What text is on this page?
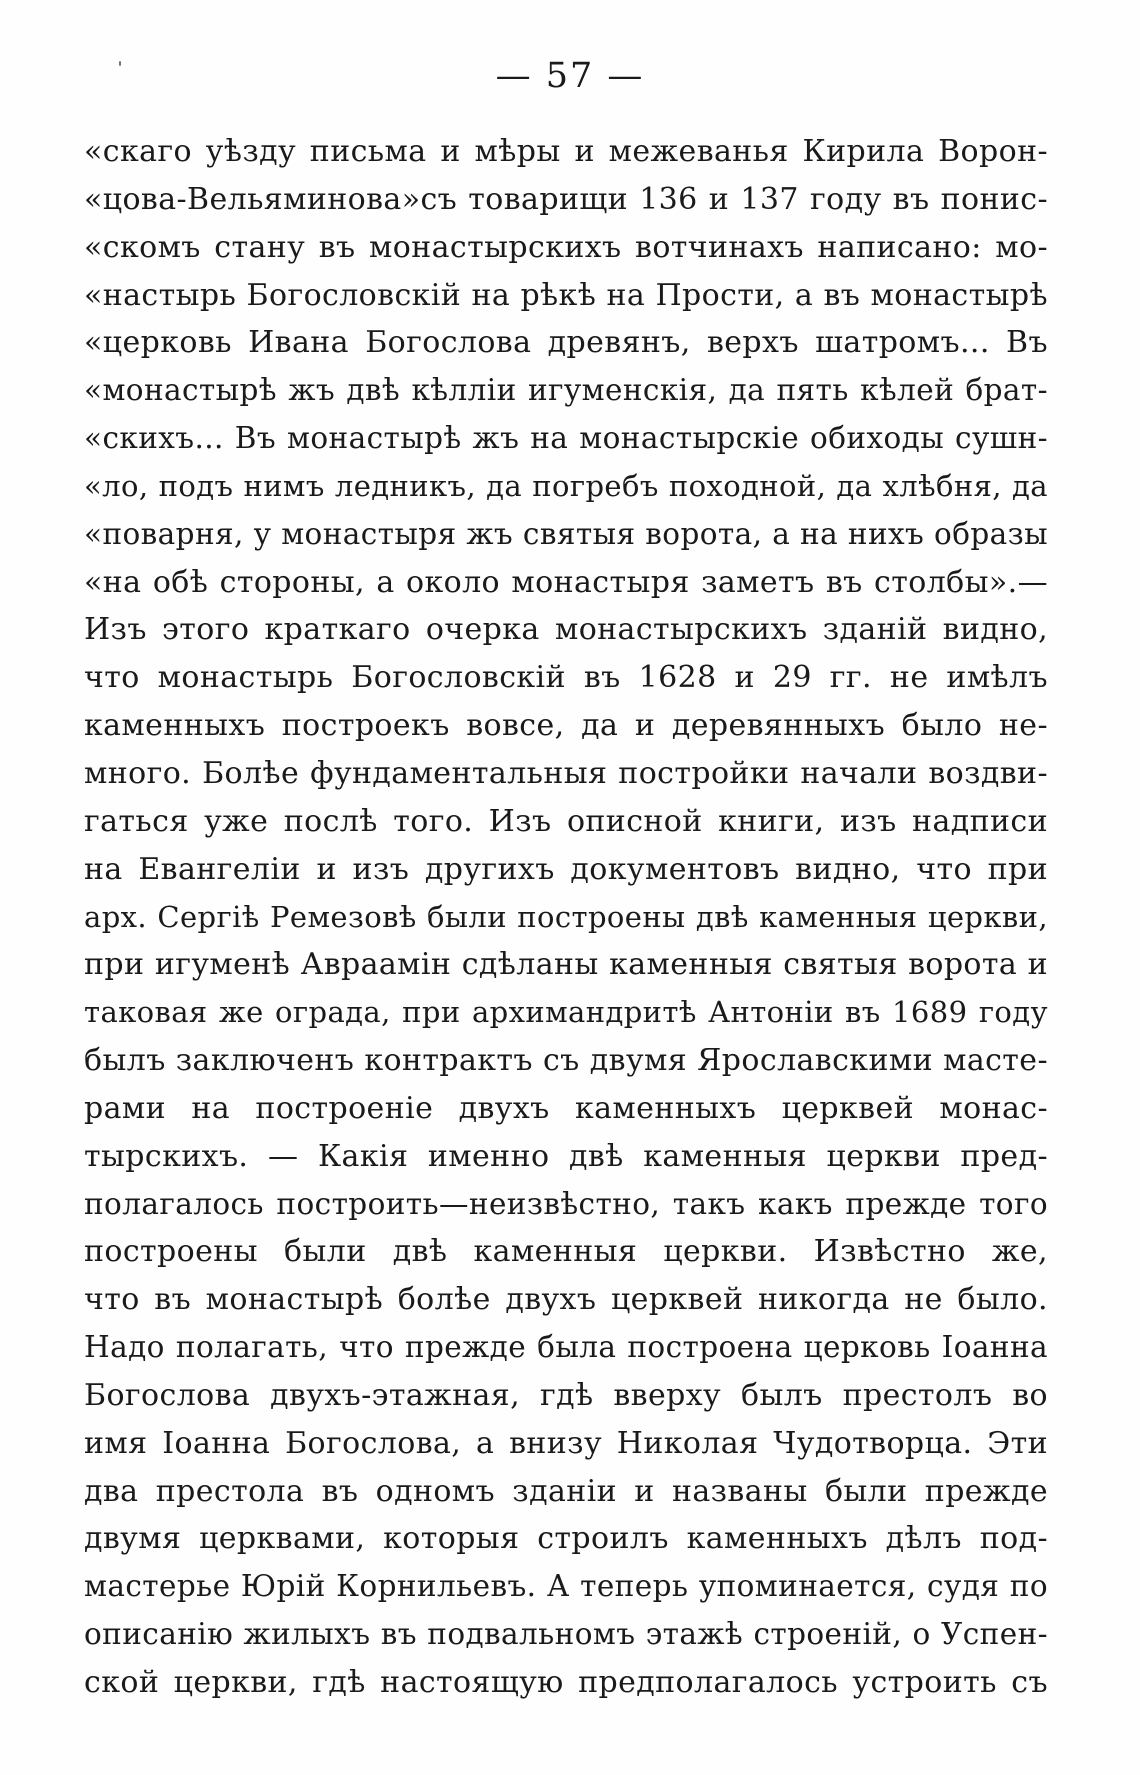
— 57 —
«скаго уѣзду письма и мѣры и межеванья Кирила Ворон-
«цова-Вельяминова»съ товарищи 136 и 137 году въ понис-
«скомъ стану въ монастырскихъ вотчинахъ написано: мо-
«настырь Богословскій на рѣкѣ на Прости, а въ монастырѣ
«церковь Ивана Богослова древянъ, верхъ шатромъ... Въ
«монастырѣ жъ двѣ кѣлліи игуменскія, да пять кѣлей брат-
«скихъ... Въ монастырѣ жъ на монастырскіе обиходы сушн-
«ло, подъ нимъ ледникъ, да погребъ походной, да хлѣбня, да
«поварня, у монастыря жъ святыя ворота, а на нихъ образы
«на обѣ стороны, а около монастыря заметъ въ столбы».—
Изъ этого краткаго очерка монастырскихъ зданій видно,
что монастырь Богословскій въ 1628 и 29 гг. не имѣлъ
каменныхъ построекъ вовсе, да и деревянныхъ было не-
много. Болѣе фундаментальныя постройки начали воздви-
гаться уже послѣ того. Изъ описной книги, изъ надписи
на Евангеліи и изъ другихъ документовъ видно, что при
арх. Сергіѣ Ремезовѣ были построены двѣ каменныя церкви,
при игуменѣ Авраамін сдѣланы каменныя святыя ворота и
таковая же ограда, при архимандритѣ Антоніи въ 1689 году
былъ заключенъ контрактъ съ двумя Ярославскими масте-
рами на построеніе двухъ каменныхъ церквей монас-
тырскихъ. — Какія именно двѣ каменныя церкви пред-
полагалось построить—неизвѣстно, такъ какъ прежде того
построены были двѣ каменныя церкви. Извѣстно же,
что въ монастырѣ болѣе двухъ церквей никогда не было.
Надо полагать, что прежде была построена церковь Іоанна
Богослова двухъ-этажная, гдѣ вверху былъ престолъ во
имя Іоанна Богослова, а внизу Николая Чудотворца. Эти
два престола въ одномъ зданіи и названы были прежде
двумя церквами, которыя строилъ каменныхъ дѣлъ под-
мастерье Юрій Корнильевъ. А теперь упоминается, судя по
описанію жилыхъ въ подвальномъ этажѣ строеній, о Успен-
ской церкви, гдѣ настоящую предполагалось устроить съ
